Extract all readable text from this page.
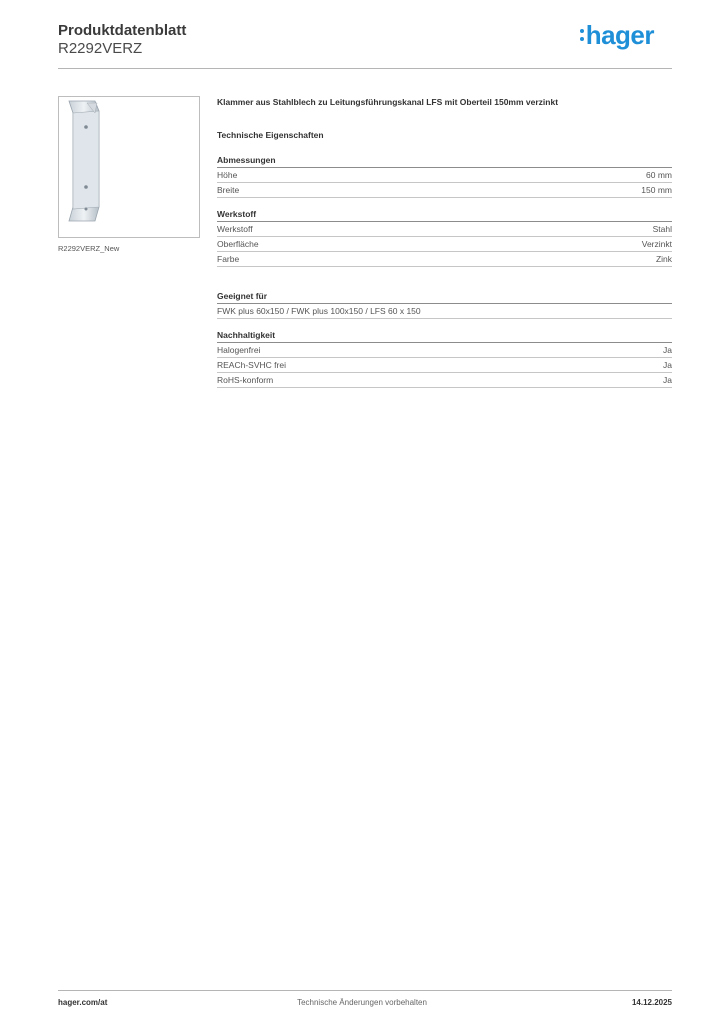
Produktdatenblatt
R2292VERZ	hager
R2292VERZ_New
Klammer aus Stahlblech zu Leitungsführungskanal LFS mit Oberteil 150mm verzinkt
Technische Eigenschaften
Abmessungen
Höhe	60 mm
Breite	150 mm
Werkstoff
Werkstoff	Stahl
Oberfläche	Verzinkt
Farbe	Zink
Geeignet für
FWK plus 60x150 / FWK plus 100x150 / LFS 60 x 150
Nachhaltigkeit
Halogenfrei	Ja
REACh-SVHC frei	Ja
RoHS-konform	Ja
hager.com/at	Technische Änderungen vorbehalten	14.12.2025
